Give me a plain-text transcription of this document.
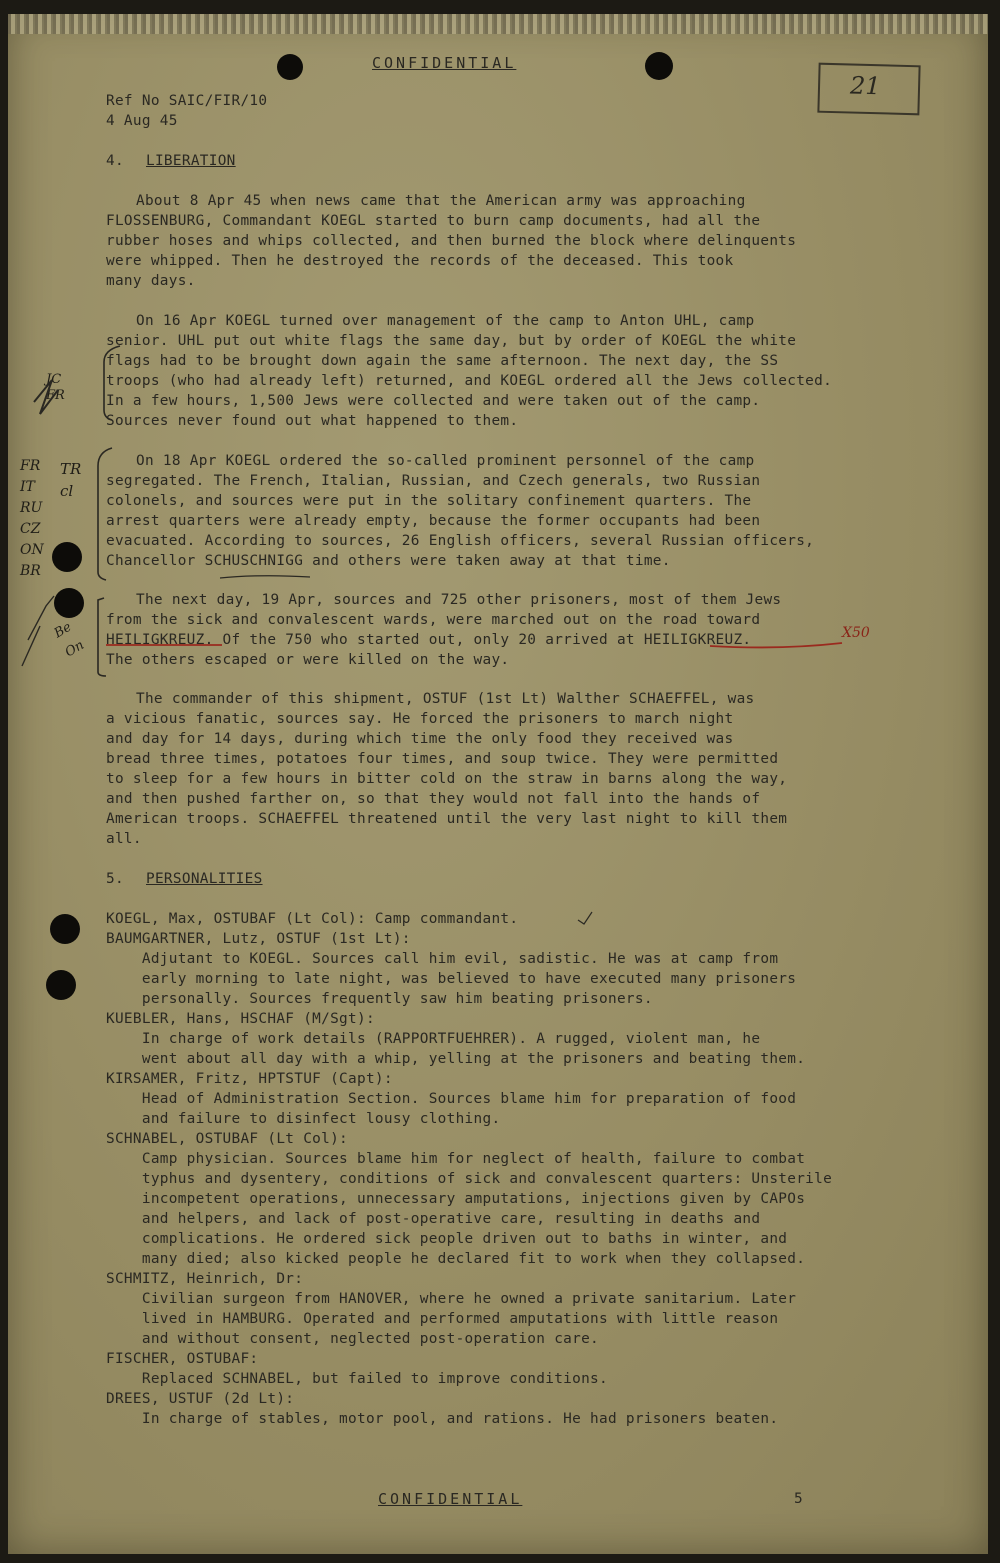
CONFIDENTIAL
Ref No SAIC/FIR/10
4 Aug 45
21
4. LIBERATION
About 8 Apr 45 when news came that the American army was approaching
FLOSSENBURG, Commandant KOEGL started to burn camp documents, had all the
rubber hoses and whips collected, and then burned the block where delinquents
were whipped. Then he destroyed the records of the deceased. This took
many days.
On 16 Apr KOEGL turned over management of the camp to Anton UHL, camp
senior. UHL put out white flags the same day, but by order of KOEGL the white
flags had to be brought down again the same afternoon. The next day, the SS
troops (who had already left) returned, and KOEGL ordered all the Jews collected.
In a few hours, 1,500 Jews were collected and were taken out of the camp.
Sources never found out what happened to them.
On 18 Apr KOEGL ordered the so-called prominent personnel of the camp
segregated. The French, Italian, Russian, and Czech generals, two Russian
colonels, and sources were put in the solitary confinement quarters. The
arrest quarters were already empty, because the former occupants had been
evacuated. According to sources, 26 English officers, several Russian officers,
Chancellor SCHUSCHNIGG and others were taken away at that time.
The next day, 19 Apr, sources and 725 other prisoners, most of them Jews
from the sick and convalescent wards, were marched out on the road toward
HEILIGKREUZ. Of the 750 who started out, only 20 arrived at HEILIGKREUZ.
The others escaped or were killed on the way.
The commander of this shipment, OSTUF (1st Lt) Walther SCHAEFFEL, was
a vicious fanatic, sources say. He forced the prisoners to march night
and day for 14 days, during which time the only food they received was
bread three times, potatoes four times, and soup twice. They were permitted
to sleep for a few hours in bitter cold on the straw in barns along the way,
and then pushed farther on, so that they would not fall into the hands of
American troops. SCHAEFFEL threatened until the very last night to kill them
all.
5. PERSONALITIES
KOEGL, Max, OSTUBAF (Lt Col): Camp commandant.
BAUMGARTNER, Lutz, OSTUF (1st Lt):
Adjutant to KOEGL. Sources call him evil, sadistic. He was at camp from
early morning to late night, was believed to have executed many prisoners
personally. Sources frequently saw him beating prisoners.
KUEBLER, Hans, HSCHAF (M/Sgt):
In charge of work details (RAPPORTFUEHRER). A rugged, violent man, he
went about all day with a whip, yelling at the prisoners and beating them.
KIRSAMER, Fritz, HPTSTUF (Capt):
Head of Administration Section. Sources blame him for preparation of food
and failure to disinfect lousy clothing.
SCHNABEL, OSTUBAF (Lt Col):
Camp physician. Sources blame him for neglect of health, failure to combat
typhus and dysentery, conditions of sick and convalescent quarters: Unsterile
incompetent operations, unnecessary amputations, injections given by CAPOs
and helpers, and lack of post-operative care, resulting in deaths and
complications. He ordered sick people driven out to baths in winter, and
many died; also kicked people he declared fit to work when they collapsed.
SCHMITZ, Heinrich, Dr:
Civilian surgeon from HANOVER, where he owned a private sanitarium. Later
lived in HAMBURG. Operated and performed amputations with little reason
and without consent, neglected post-operation care.
FISCHER, OSTUBAF:
Replaced SCHNABEL, but failed to improve conditions.
DREES, USTUF (2d Lt):
In charge of stables, motor pool, and rations. He had prisoners beaten.
FR
IT
RU
CZ
ON
BR
TR
cl
Be
On
JC
FR
X50
CONFIDENTIAL	5
